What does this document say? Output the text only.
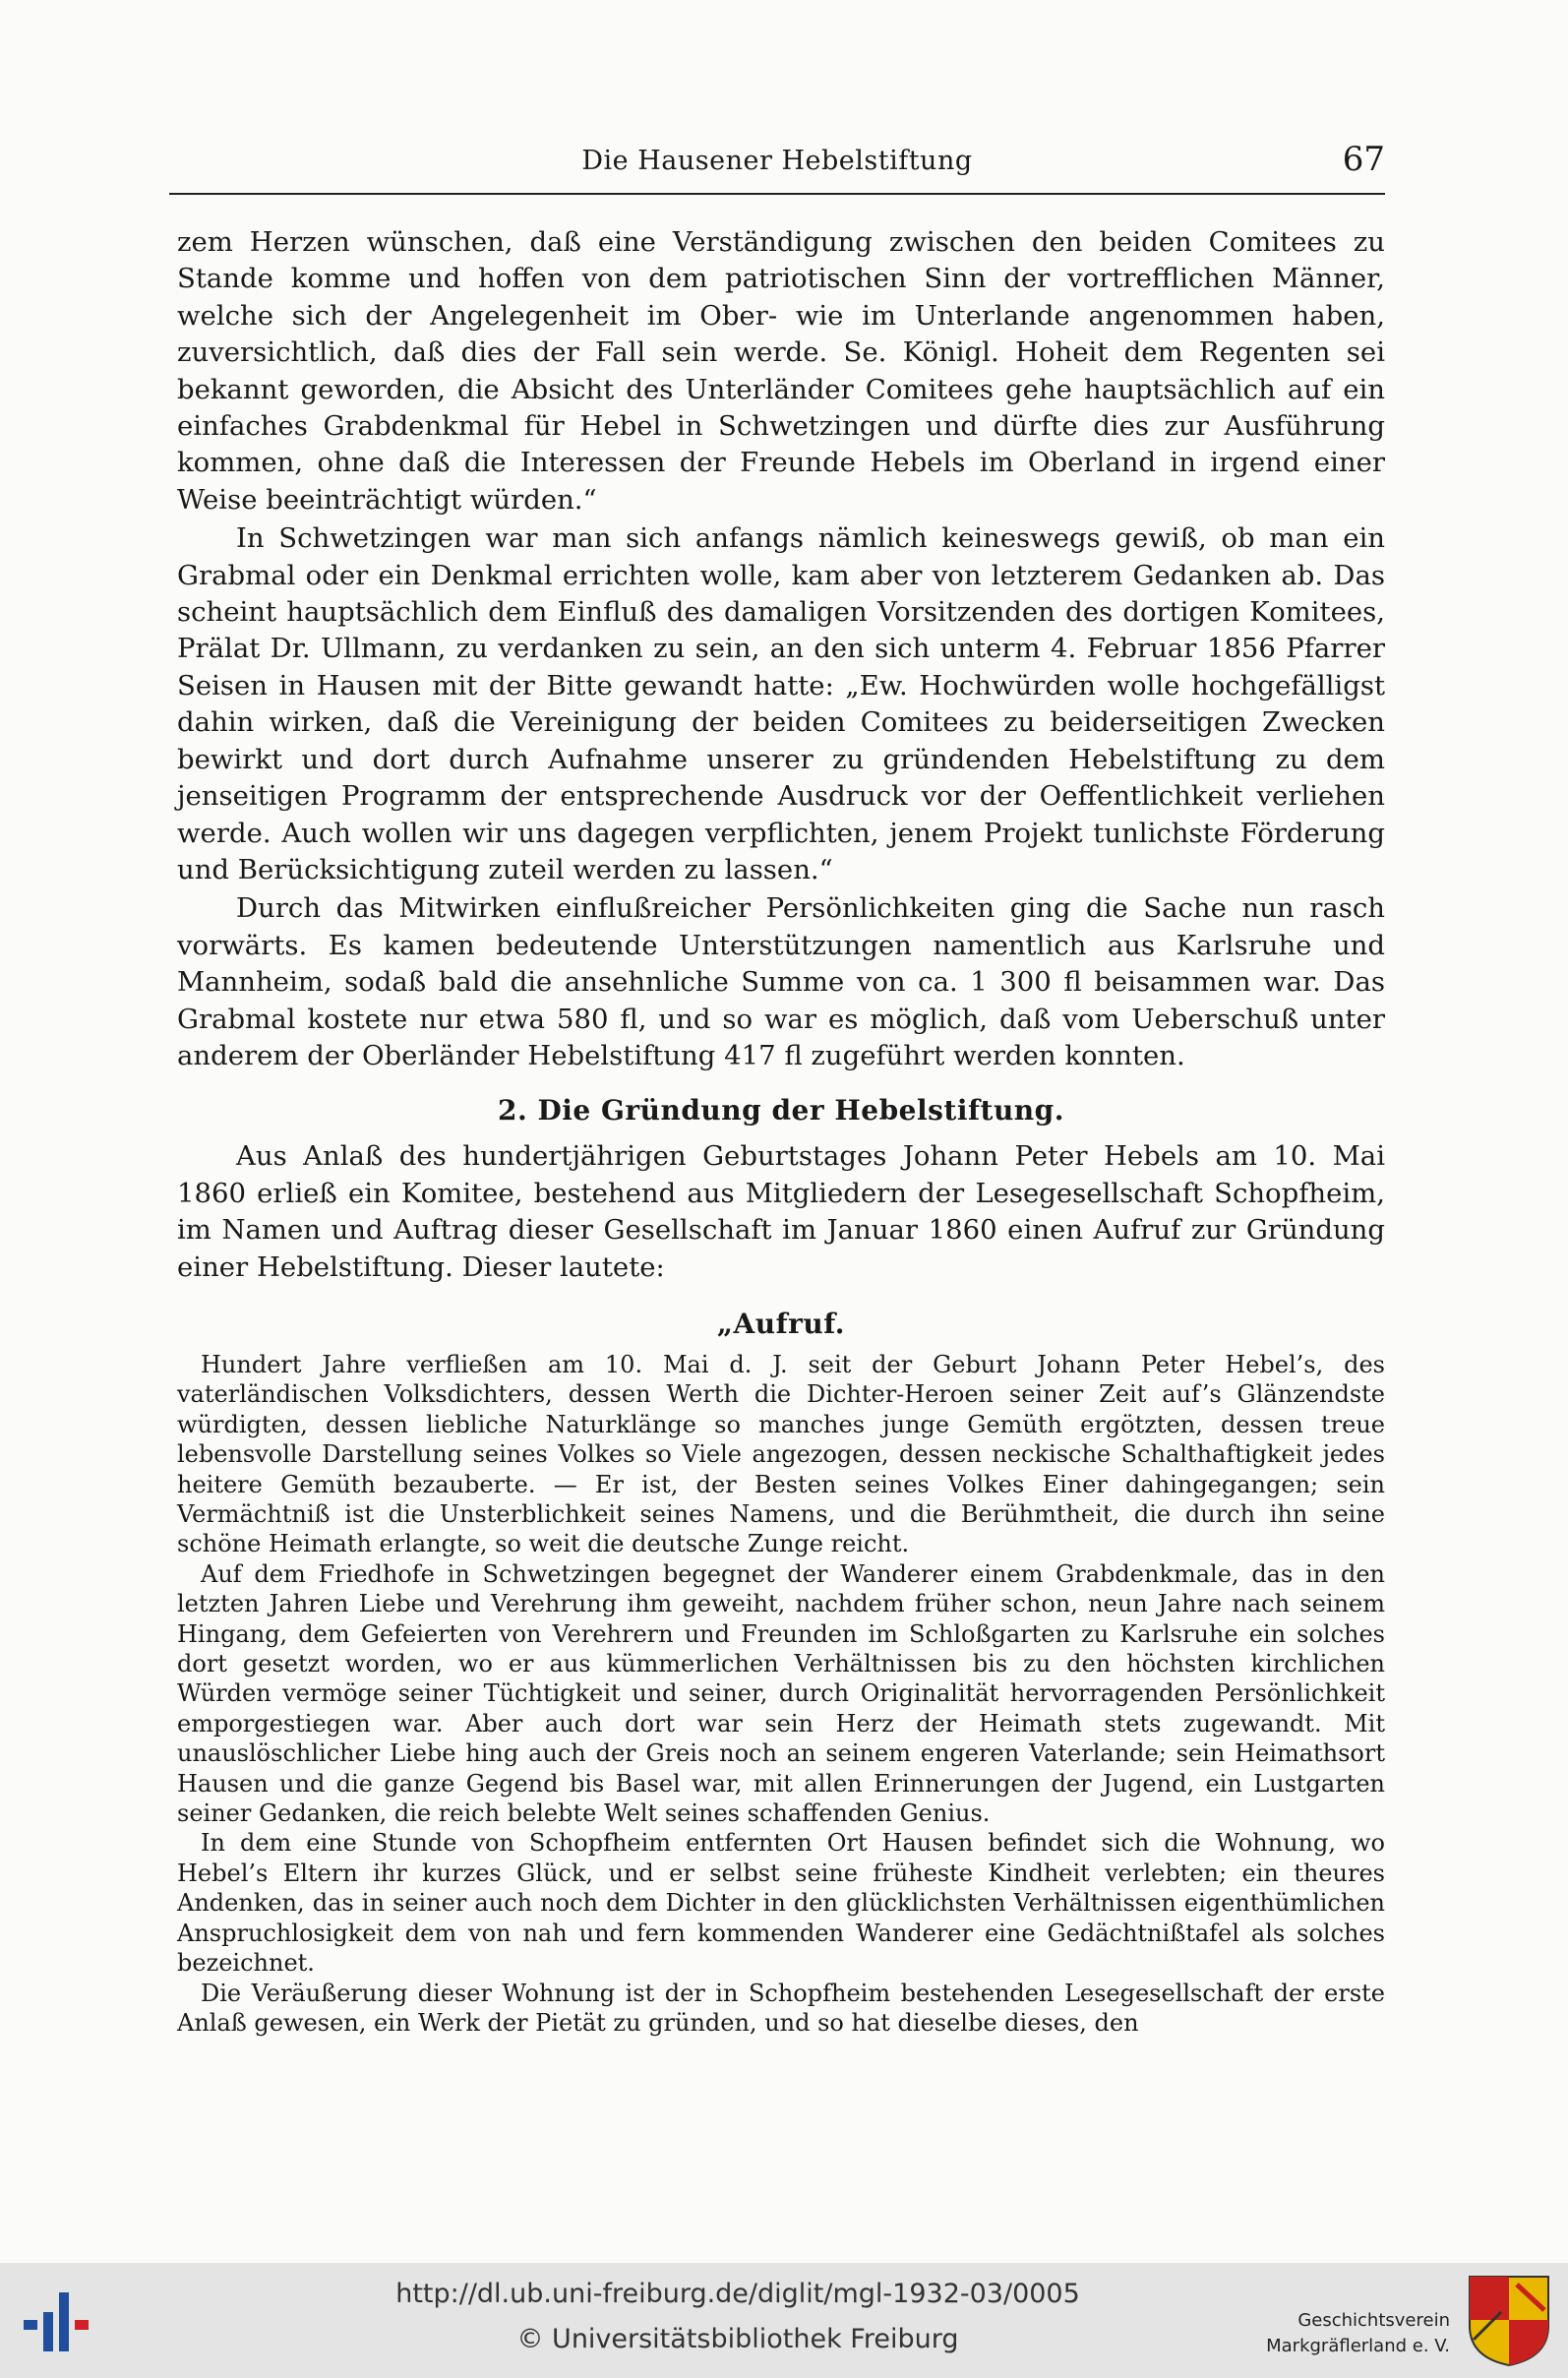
Die Hausener Hebelstiftung	67

zem Herzen wünschen, daß eine Verständigung zwischen den beiden Comitees zu Stande komme und hoffen von dem patriotischen Sinn der vortrefflichen Männer, welche sich der Angelegenheit im Ober- wie im Unterlande angenommen haben, zuversichtlich, daß dies der Fall sein werde. Se. Königl. Hoheit dem Regenten sei bekannt geworden, die Absicht des Unterländer Comitees gehe hauptsächlich auf ein einfaches Grabdenkmal für Hebel in Schwetzingen und dürfte dies zur Ausführung kommen, ohne daß die Interessen der Freunde Hebels im Oberland in irgend einer Weise beeinträchtigt würden.“

In Schwetzingen war man sich anfangs nämlich keineswegs gewiß, ob man ein Grabmal oder ein Denkmal errichten wolle, kam aber von letzterem Gedanken ab. Das scheint hauptsächlich dem Einfluß des damaligen Vorsitzenden des dortigen Komitees, Prälat Dr. Ullmann, zu verdanken zu sein, an den sich unterm 4. Februar 1856 Pfarrer Seisen in Hausen mit der Bitte gewandt hatte: „Ew. Hochwürden wolle hochgefälligst dahin wirken, daß die Vereinigung der beiden Comitees zu beiderseitigen Zwecken bewirkt und dort durch Aufnahme unserer zu gründenden Hebelstiftung zu dem jenseitigen Programm der entsprechende Ausdruck vor der Oeffentlichkeit verliehen werde. Auch wollen wir uns dagegen verpflichten, jenem Projekt tunlichste Förderung und Berücksichtigung zuteil werden zu lassen.“

Durch das Mitwirken einflußreicher Persönlichkeiten ging die Sache nun rasch vorwärts. Es kamen bedeutende Unterstützungen namentlich aus Karlsruhe und Mannheim, sodaß bald die ansehnliche Summe von ca. 1 300 fl beisammen war. Das Grabmal kostete nur etwa 580 fl, und so war es möglich, daß vom Ueberschuß unter anderem der Oberländer Hebelstiftung 417 fl zugeführt werden konnten.

2. Die Gründung der Hebelstiftung.

Aus Anlaß des hundertjährigen Geburtstages Johann Peter Hebels am 10. Mai 1860 erließ ein Komitee, bestehend aus Mitgliedern der Lesegesellschaft Schopfheim, im Namen und Auftrag dieser Gesellschaft im Januar 1860 einen Aufruf zur Gründung einer Hebelstiftung. Dieser lautete:

„Aufruf.

Hundert Jahre verfließen am 10. Mai d. J. seit der Geburt Johann Peter Hebel’s, des vaterländischen Volksdichters, dessen Werth die Dichter-Heroen seiner Zeit auf’s Glänzendste würdigten, dessen liebliche Naturklänge so manches junge Gemüth ergötzten, dessen treue lebensvolle Darstellung seines Volkes so Viele angezogen, dessen neckische Schalthaftigkeit jedes heitere Gemüth bezauberte. — Er ist, der Besten seines Volkes Einer dahingegangen; sein Vermächtniß ist die Unsterblichkeit seines Namens, und die Berühmtheit, die durch ihn seine schöne Heimath erlangte, so weit die deutsche Zunge reicht.

Auf dem Friedhofe in Schwetzingen begegnet der Wanderer einem Grabdenkmale, das in den letzten Jahren Liebe und Verehrung ihm geweiht, nachdem früher schon, neun Jahre nach seinem Hingang, dem Gefeierten von Verehrern und Freunden im Schloßgarten zu Karlsruhe ein solches dort gesetzt worden, wo er aus kümmerlichen Verhältnissen bis zu den höchsten kirchlichen Würden vermöge seiner Tüchtigkeit und seiner, durch Originalität hervorragenden Persönlichkeit emporgestiegen war. Aber auch dort war sein Herz der Heimath stets zugewandt. Mit unauslöschlicher Liebe hing auch der Greis noch an seinem engeren Vaterlande; sein Heimathsort Hausen und die ganze Gegend bis Basel war, mit allen Erinnerungen der Jugend, ein Lustgarten seiner Gedanken, die reich belebte Welt seines schaffenden Genius.

In dem eine Stunde von Schopfheim entfernten Ort Hausen befindet sich die Wohnung, wo Hebel’s Eltern ihr kurzes Glück, und er selbst seine früheste Kindheit verlebten; ein theures Andenken, das in seiner auch noch dem Dichter in den glücklichsten Verhältnissen eigenthümlichen Anspruchlosigkeit dem von nah und fern kommenden Wanderer eine Gedächtnißtafel als solches bezeichnet.

Die Veräußerung dieser Wohnung ist der in Schopfheim bestehenden Lesegesellschaft der erste Anlaß gewesen, ein Werk der Pietät zu gründen, und so hat dieselbe dieses, den

http://dl.ub.uni-freiburg.de/diglit/mgl-1932-03/0005
© Universitätsbibliothek Freiburg
Geschichtsverein
Markgräflerland e. V.
